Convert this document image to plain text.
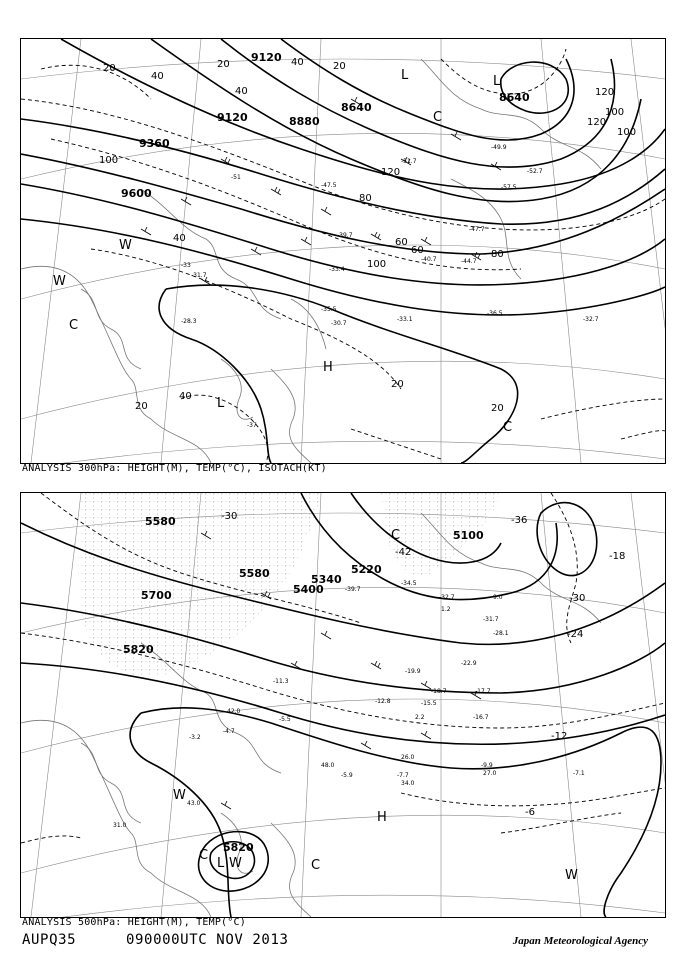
9120
9120
9360
9600
8880
8640
8640
20
40
40
20	20
40
40
20
100
120
100
120
100
80
80
60
100
120
60
40
20	20
L
L
H
L
W
W
C
C
C
-51
-47.5
-33
-31.7
-35.5
-30.7
-28.3
-47.7
-44.7
-40.7
-51.7
-49.9
-52.7
-57.5
-33.1
-36.5
-32.7
-33.4
-37
-39.7
ANALYSIS 300hPa: HEIGHT(M), TEMP(°C), ISOTACH(KT)
5580
5580
5700
5340
5400
5220
5100
5820
5820
-30
-42
-36
-18
-30
-24
-12
-6
C
C
H
L
W
W
C
W
-19.9
-18.7	-17.7
-16.7
-15.5
-12.8
-11.3
-7.7
-5.9
-5.5
-4.7
-3.2
-9.9
-7.1
-22.9
-28.1
-31.7
-32.7
-39.7
-34.5
42.0
43.0
34.0
48.0
27.0
26.0
31.0
9.0
1.2
2.2
ANALYSIS 500hPa: HEIGHT(M), TEMP(°C)
AUPQ35	090000UTC NOV 2013	Japan Meteorological Agency
